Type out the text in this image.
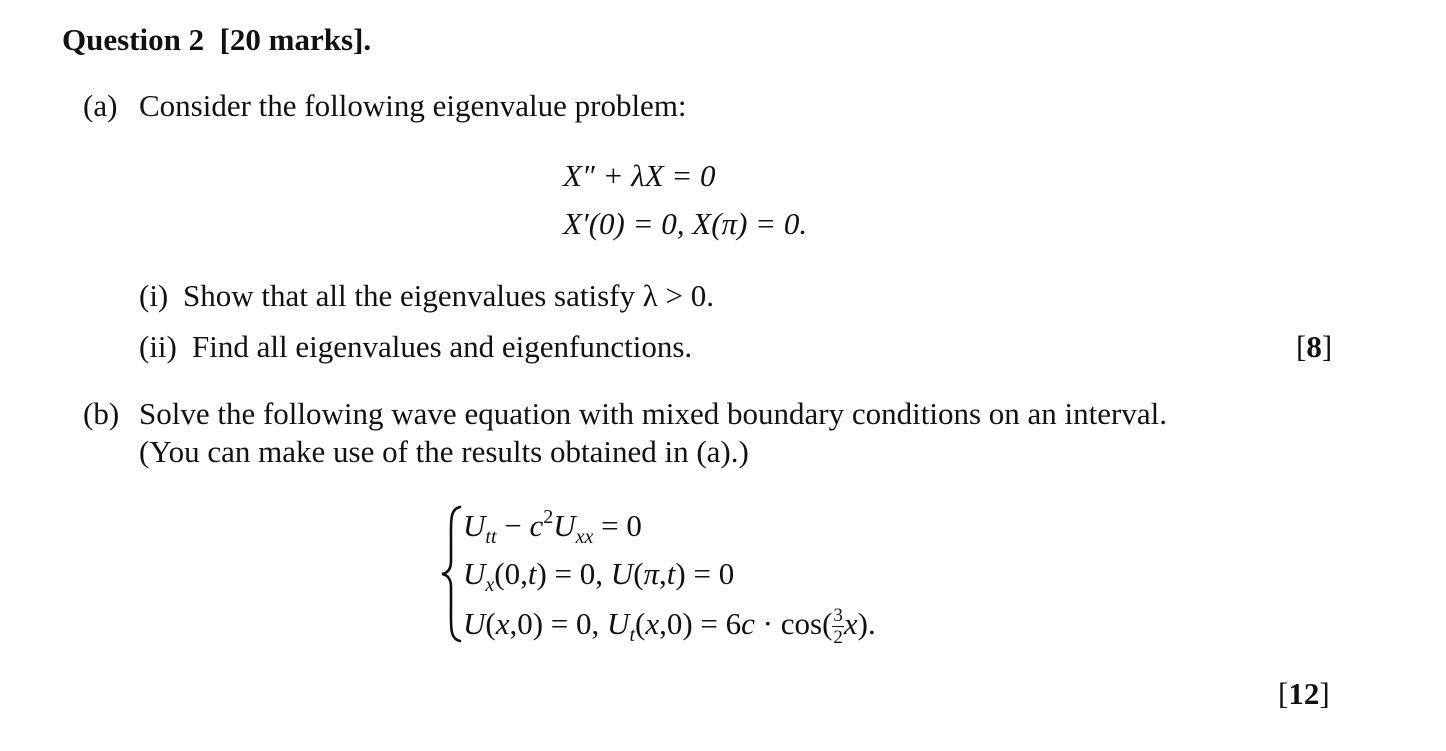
Question 2 [20 marks].
(a) Consider the following eigenvalue problem:
X″ + λX = 0
X′(0) = 0, X(π) = 0.
(i) Show that all the eigenvalues satisfy λ > 0.
(ii) Find all eigenvalues and eigenfunctions.	[8]
(b) Solve the following wave equation with mixed boundary conditions on an interval.
(You can make use of the results obtained in (a).)
$U_{tt} - c^2U_{xx} = 0$
$U_x(0,t) = 0$, U(π,t) = 0
U(x,0) = 0, $U_t(x,0) = 6c \cdot \cos( \frac{3}{2} x)$.
[12]
